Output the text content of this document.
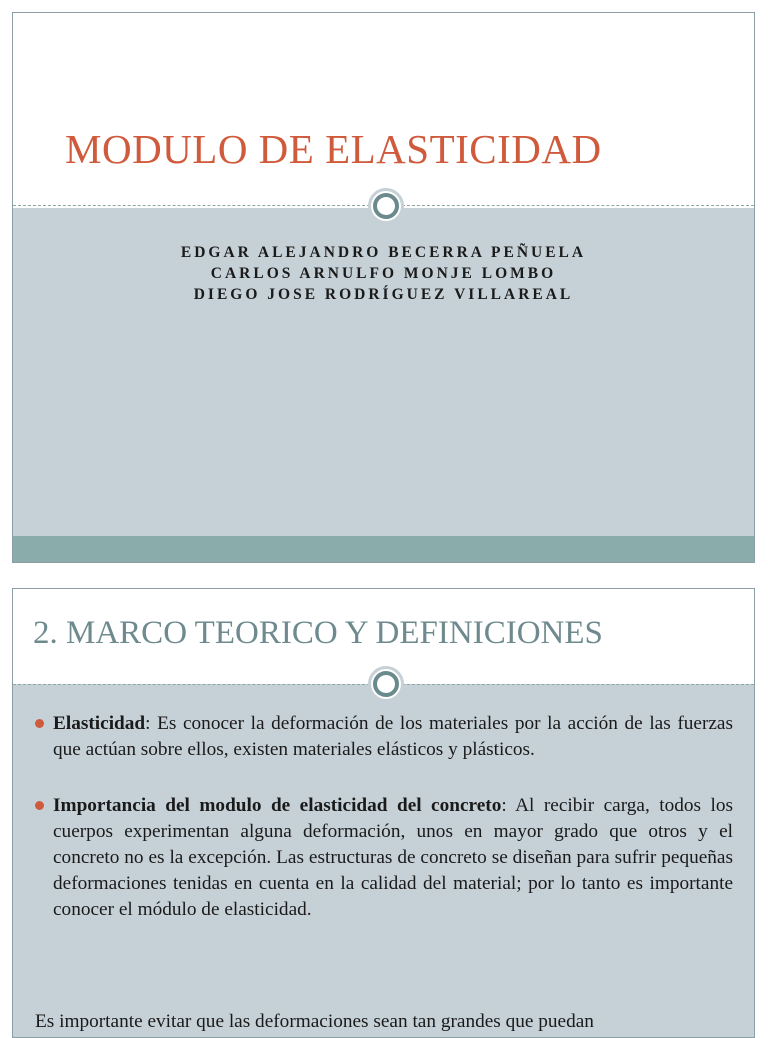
MODULO DE ELASTICIDAD
EDGAR ALEJANDRO BECERRA PEÑUELA
CARLOS ARNULFO MONJE LOMBO
DIEGO JOSE RODRÍGUEZ VILLAREAL
2. MARCO TEORICO Y DEFINICIONES

Elasticidad: Es conocer la deformación de los materiales por la acción de las fuerzas que actúan sobre ellos, existen materiales elásticos y plásticos.

Importancia del modulo de elasticidad del concreto: Al recibir carga, todos los cuerpos experimentan alguna deformación, unos en mayor grado que otros y el concreto no es la excepción. Las estructuras de concreto se diseñan para sufrir pequeñas deformaciones tenidas en cuenta en la calidad del material; por lo tanto es importante conocer el módulo de elasticidad.

Es importante evitar que las deformaciones sean tan grandes que puedan
